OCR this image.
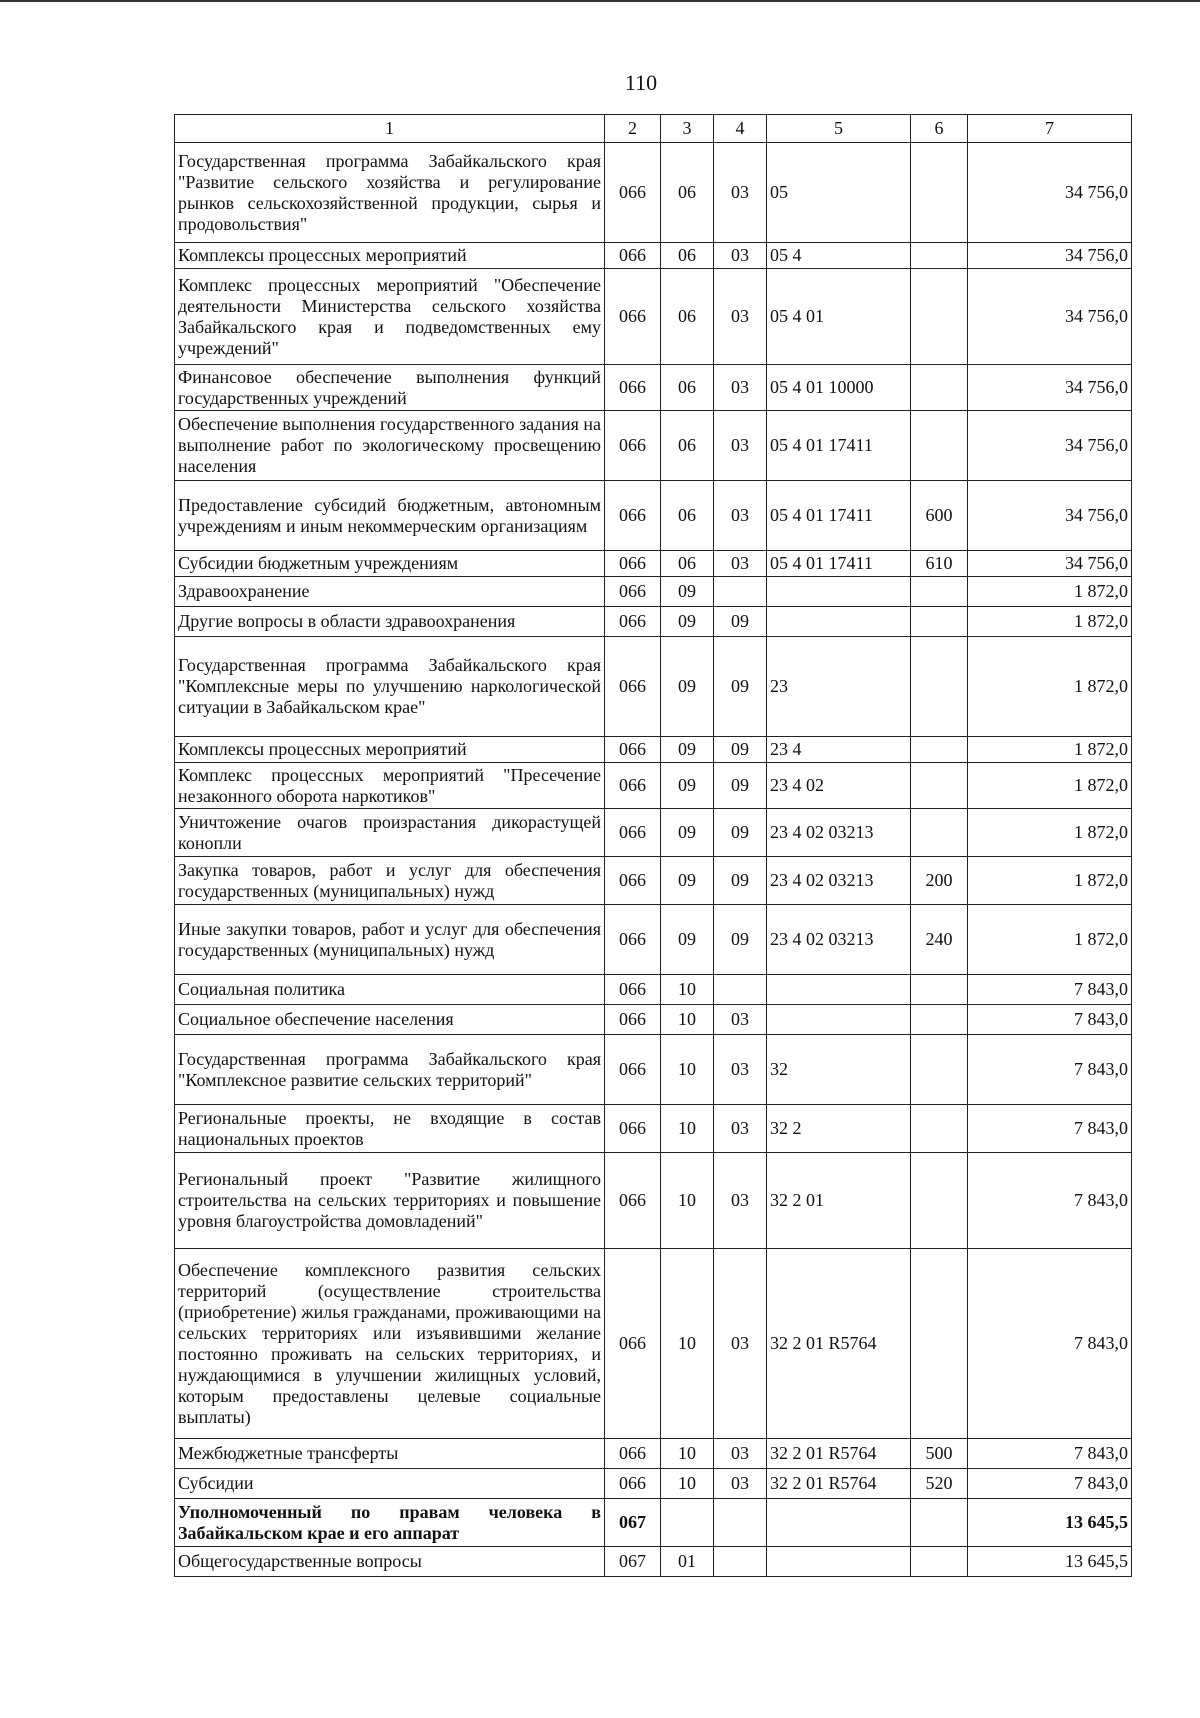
110
1	2	3	4	5	6	7
Государственная программа Забайкальского края "Развитие сельского хозяйства и регулирование рынков сельскохозяйственной продукции, сырья и продовольствия"	066	06	03	05		34 756,0
Комплексы процессных мероприятий	066	06	03	05 4		34 756,0
Комплекс процессных мероприятий "Обеспечение деятельности Министерства сельского хозяйства Забайкальского края и подведомственных ему учреждений"	066	06	03	05 4 01		34 756,0
Финансовое обеспечение выполнения функций государственных учреждений	066	06	03	05 4 01 10000		34 756,0
Обеспечение выполнения государственного задания на выполнение работ по экологическому просвещению населения	066	06	03	05 4 01 17411		34 756,0
Предоставление субсидий бюджетным, автономным учреждениям и иным некоммерческим организациям	066	06	03	05 4 01 17411	600	34 756,0
Субсидии бюджетным учреждениям	066	06	03	05 4 01 17411	610	34 756,0
Здравоохранение	066	09				1 872,0
Другие вопросы в области здравоохранения	066	09	09			1 872,0
Государственная программа Забайкальского края "Комплексные меры по улучшению наркологической ситуации в Забайкальском крае"	066	09	09	23		1 872,0
Комплексы процессных мероприятий	066	09	09	23 4		1 872,0
Комплекс процессных мероприятий "Пресечение незаконного оборота наркотиков"	066	09	09	23 4 02		1 872,0
Уничтожение очагов произрастания дикорастущей конопли	066	09	09	23 4 02 03213		1 872,0
Закупка товаров, работ и услуг для обеспечения государственных (муниципальных) нужд	066	09	09	23 4 02 03213	200	1 872,0
Иные закупки товаров, работ и услуг для обеспечения государственных (муниципальных) нужд	066	09	09	23 4 02 03213	240	1 872,0
Социальная политика	066	10				7 843,0
Социальное обеспечение населения	066	10	03			7 843,0
Государственная программа Забайкальского края "Комплексное развитие сельских территорий"	066	10	03	32		7 843,0
Региональные проекты, не входящие в состав национальных проектов	066	10	03	32 2		7 843,0
Региональный проект "Развитие жилищного строительства на сельских территориях и повышение уровня благоустройства домовладений"	066	10	03	32 2 01		7 843,0
Обеспечение комплексного развития сельских территорий (осуществление строительства (приобретение) жилья гражданами, проживающими на сельских территориях или изъявившими желание постоянно проживать на сельских территориях, и нуждающимися в улучшении жилищных условий, которым предоставлены целевые социальные выплаты)	066	10	03	32 2 01 R5764		7 843,0
Межбюджетные трансферты	066	10	03	32 2 01 R5764	500	7 843,0
Субсидии	066	10	03	32 2 01 R5764	520	7 843,0
Уполномоченный по правам человека в Забайкальском крае и его аппарат	067					13 645,5
Общегосударственные вопросы	067	01				13 645,5
